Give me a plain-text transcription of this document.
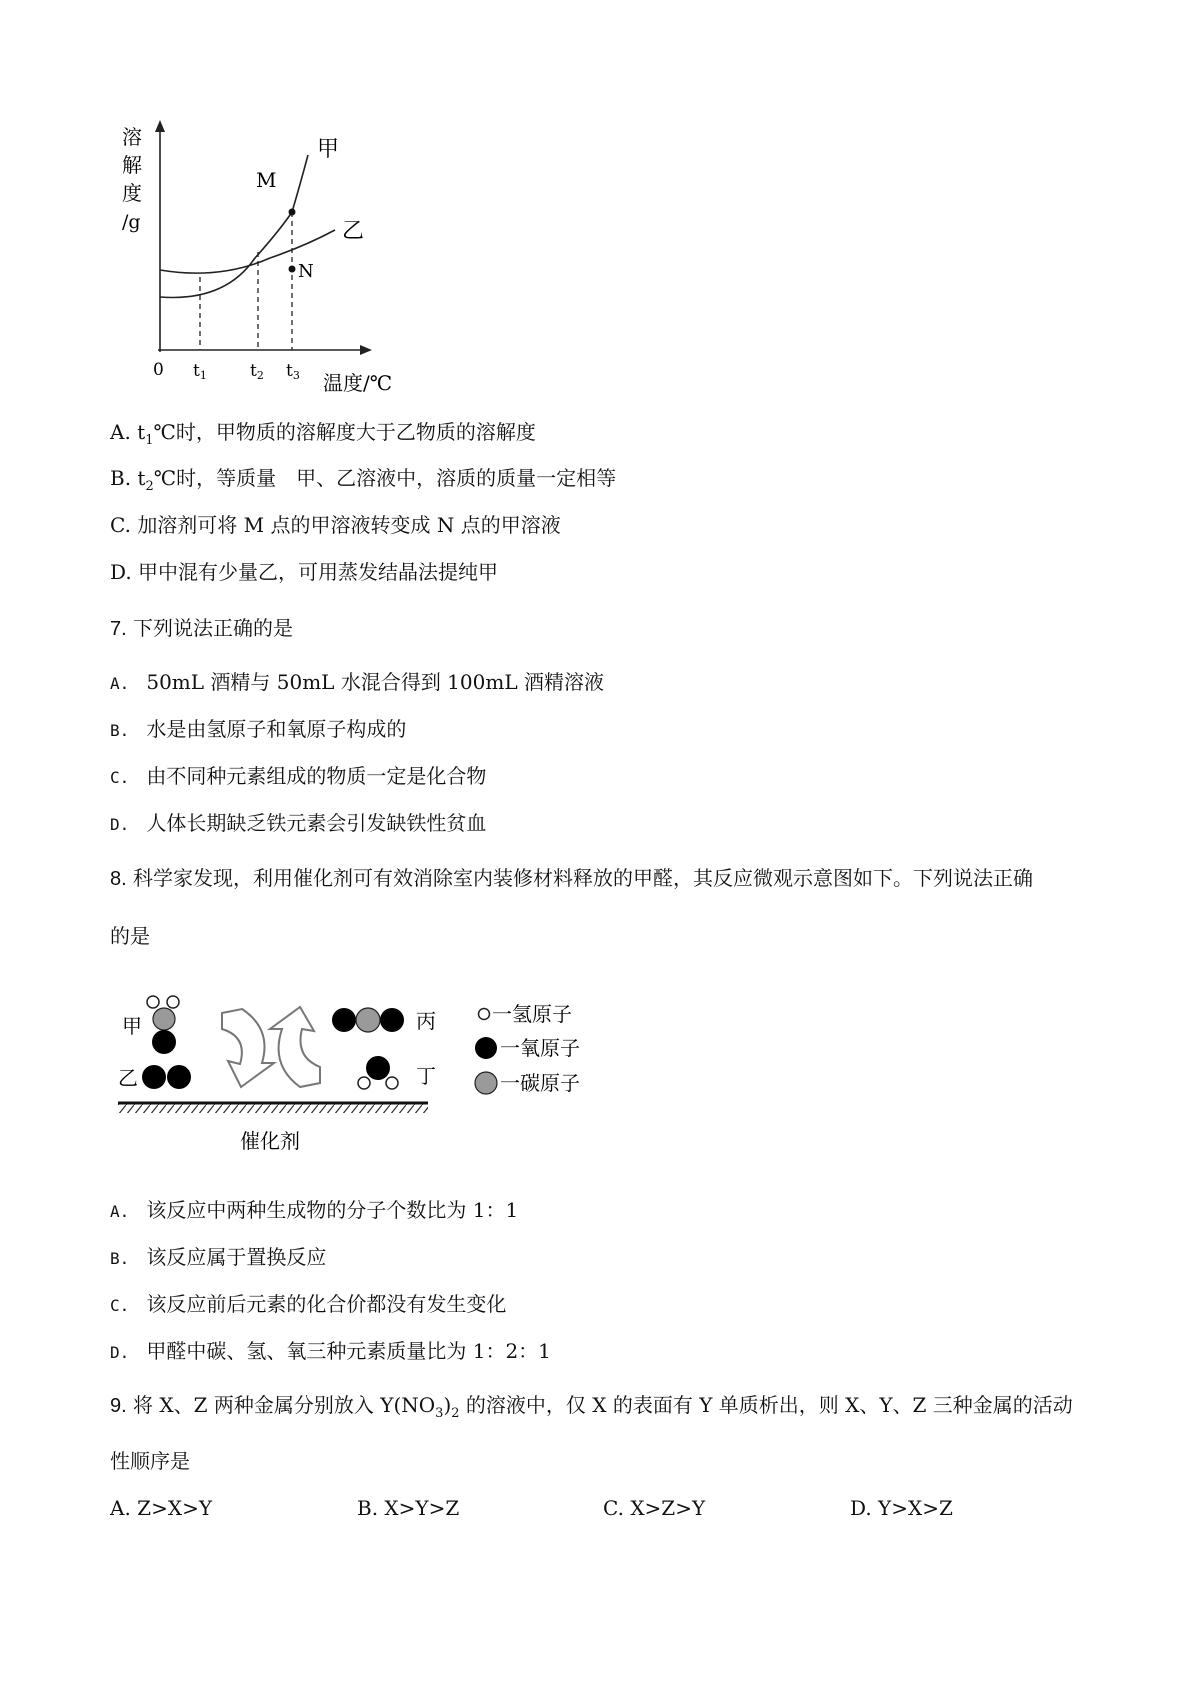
溶
解
度
/g
M
N
甲
乙
0 t1	t2 t3 温度/℃
A. $t_1℃$时，甲物质的溶解度大于乙物质的溶解度
B. $t_2℃$时，等质量　甲、乙溶液中，溶质的质量一定相等
C. 加溶剂可将 M 点的甲溶液转变成 N 点的甲溶液
D. 甲中混有少量乙，可用蒸发结晶法提纯甲
7. 下列说法正确的是
A. 50mL 酒精与 50mL 水混合得到 100mL 酒精溶液
B. 水是由氢原子和氧原子构成的
C. 由不同种元素组成的物质一定是化合物
D. 人体长期缺乏铁元素会引发缺铁性贫血
8. 科学家发现，利用催化剂可有效消除室内装修材料释放的甲醛，其反应微观示意图如下。下列说法正确
的是
甲
乙
丙
丁
催化剂
一氢原子
一氧原子
一碳原子
A. 该反应中两种生成物的分子个数比为 1：1
B. 该反应属于置换反应
C. 该反应前后元素的化合价都没有发生变化
D. 甲醛中碳、氢、氧三种元素质量比为 1：2：1
9. 将 X、Z 两种金属分别放入 $Y(NO_3)_2$ 的溶液中，仅 X 的表面有 Y 单质析出，则 X、Y、Z 三种金属的活动
性顺序是
A. Z>X>Y	B. X>Y>Z	C. X>Z>Y	D. Y>X>Z
